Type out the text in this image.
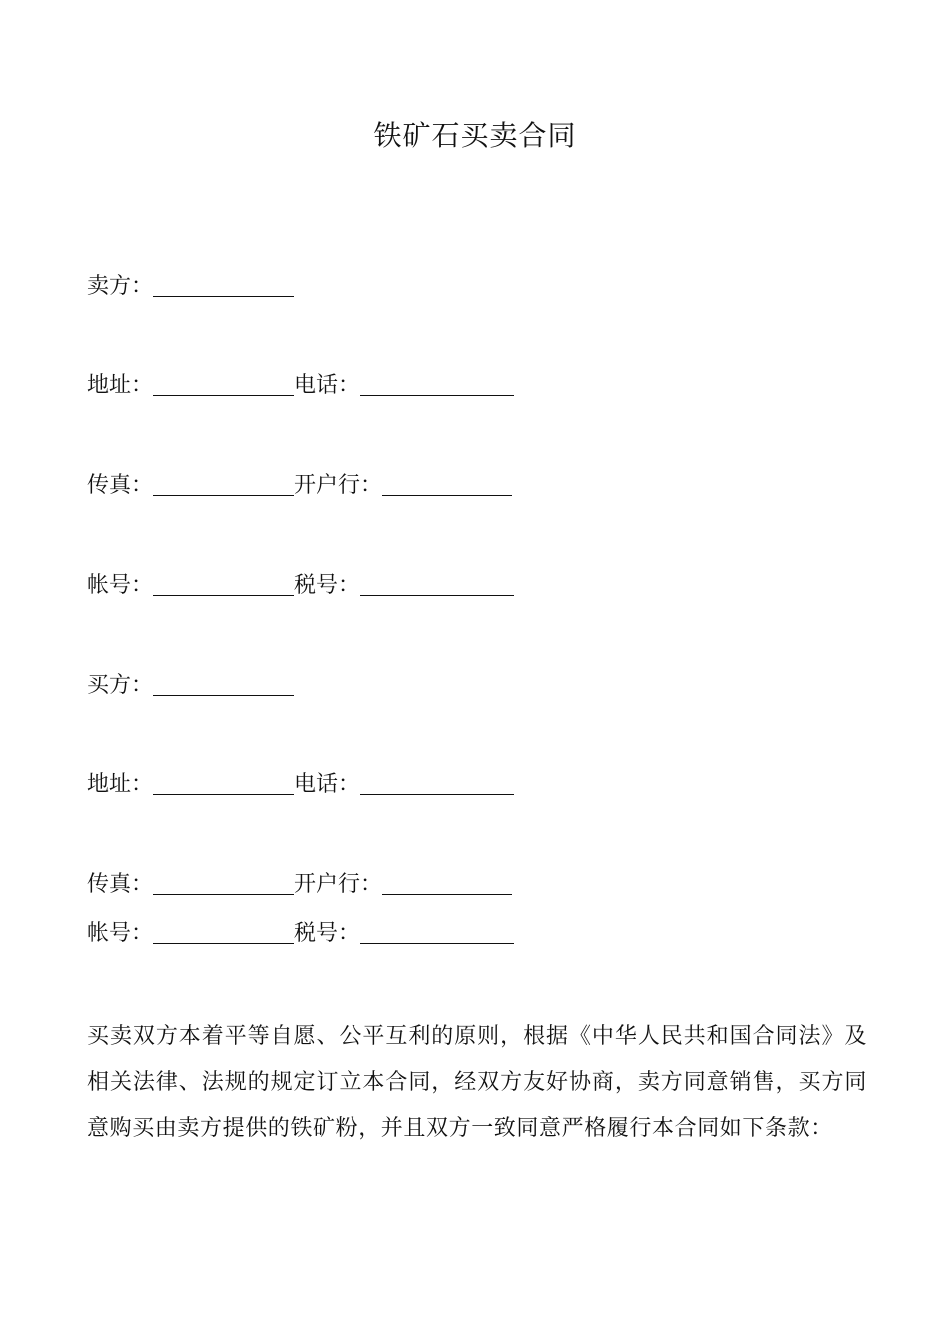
铁矿石买卖合同
卖方：
地址：	电话：
传真：	开户行：
帐号：	税号：
买方：
地址：	电话：
传真：	开户行：
帐号：	税号：
买卖双方本着平等自愿、公平互利的原则，根据《中华人民共和国合同法》及相关法律、法规的规定订立本合同，经双方友好协商，卖方同意销售，买方同意购买由卖方提供的铁矿粉，并且双方一致同意严格履行本合同如下条款：
